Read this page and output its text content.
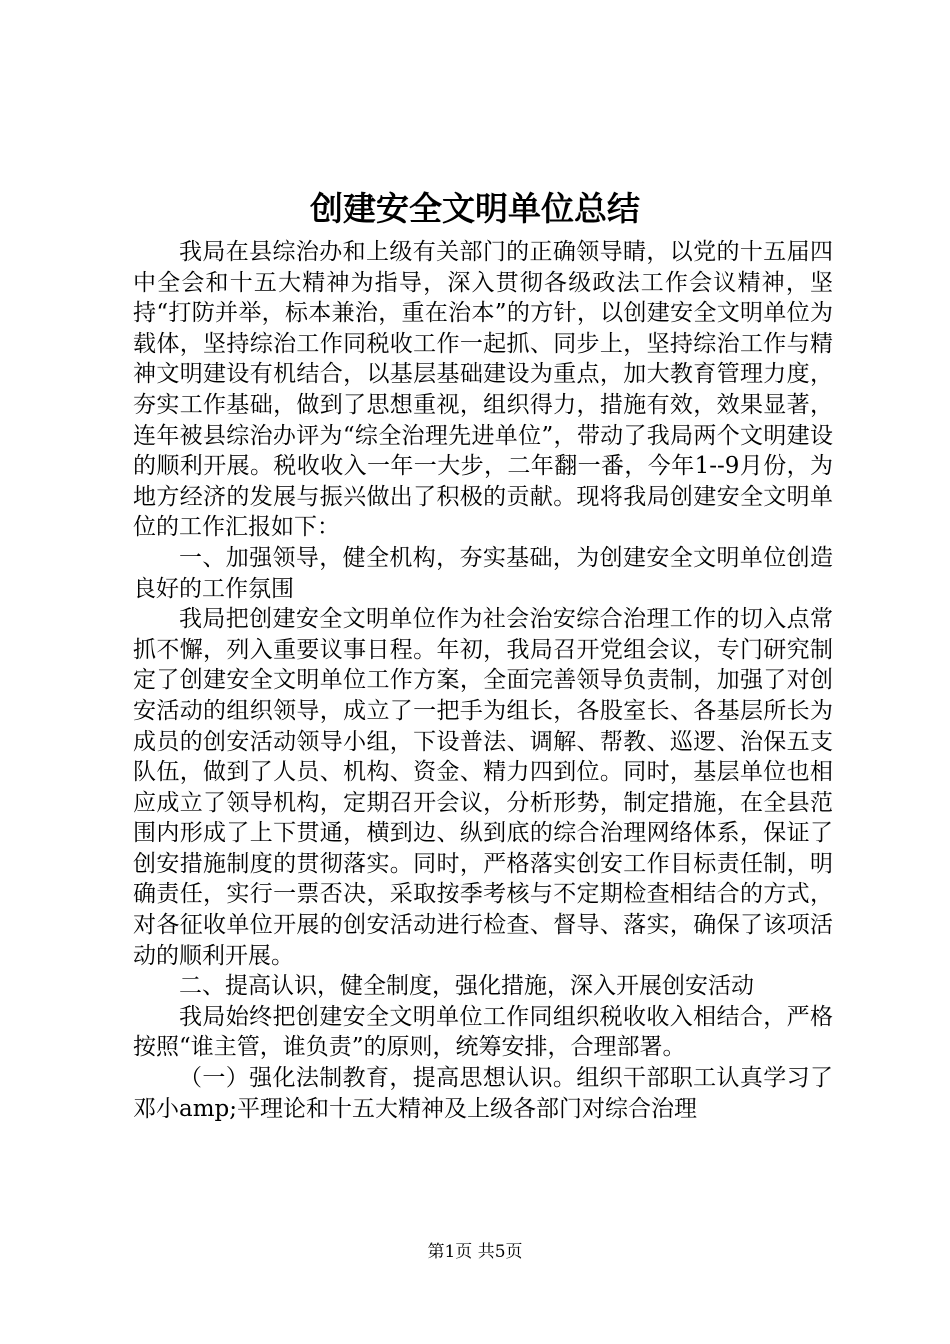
创建安全文明单位总结

我局在县综治办和上级有关部门的正确领导睛，以党的十五届四中全会和十五大精神为指导，深入贯彻各级政法工作会议精神，坚持“打防并举，标本兼治，重在治本”的方针，以创建安全文明单位为载体，坚持综治工作同税收工作一起抓、同步上，坚持综治工作与精神文明建设有机结合，以基层基础建设为重点，加大教育管理力度，夯实工作基础，做到了思想重视，组织得力，措施有效，效果显著，连年被县综治办评为“综全治理先进单位”，带动了我局两个文明建设的顺利开展。税收收入一年一大步，二年翻一番，今年1--9月份，为地方经济的发展与振兴做出了积极的贡献。现将我局创建安全文明单位的工作汇报如下：

一、加强领导，健全机构，夯实基础，为创建安全文明单位创造良好的工作氛围

我局把创建安全文明单位作为社会治安综合治理工作的切入点常抓不懈，列入重要议事日程。年初，我局召开党组会议，专门研究制定了创建安全文明单位工作方案，全面完善领导负责制，加强了对创安活动的组织领导，成立了一把手为组长，各股室长、各基层所长为成员的创安活动领导小组，下设普法、调解、帮教、巡逻、治保五支队伍，做到了人员、机构、资金、精力四到位。同时，基层单位也相应成立了领导机构，定期召开会议，分析形势，制定措施，在全县范围内形成了上下贯通，横到边、纵到底的综合治理网络体系，保证了创安措施制度的贯彻落实。同时，严格落实创安工作目标责任制，明确责任，实行一票否决，采取按季考核与不定期检查相结合的方式，对各征收单位开展的创安活动进行检查、督导、落实，确保了该项活动的顺利开展。

二、提高认识，健全制度，强化措施，深入开展创安活动

我局始终把创建安全文明单位工作同组织税收收入相结合，严格按照“谁主管，谁负责”的原则，统筹安排，合理部署。

（一）强化法制教育，提高思想认识。组织干部职工认真学习了邓小amp;平理论和十五大精神及上级各部门对综合治理

第1页 共5页
